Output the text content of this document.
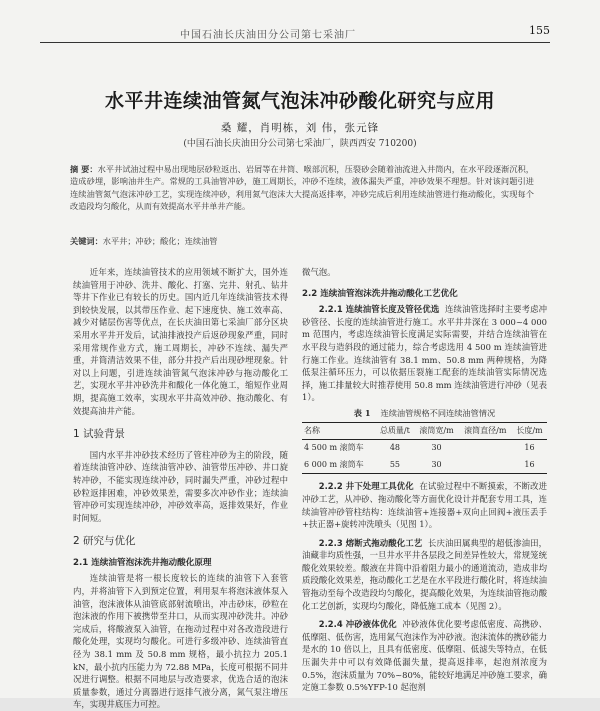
中国石油长庆油田分公司第七采油厂	155
水平井连续油管氮气泡沫冲砂酸化研究与应用
桑 耀，肖明栋，刘 伟，张元锋
(中国石油长庆油田分公司第七采油厂，陕西西安 710200)
摘 要：水平井试油过程中易出现地层砂粒返出、岩屑等在井筒、喉部沉积，压裂砂会随着油流进入井筒内，在水平段逐渐沉积，造成砂埋，影响油井生产。常规的工具油管冲砂，施工周期长，冲砂不连续，液体漏失严重，冲砂效果不理想。针对该问题引进连续油管氮气泡沫冲砂工艺，实现连续冲砂，利用氮气泡沫大大提高返排率，冲砂完成后利用连续油管进行拖动酸化，实现每个改造段均匀酸化，从而有效提高水平井单井产能。
关键词：水平井；冲砂；酸化；连续油管

近年来，连续油管技术的应用领域不断扩大，国外连续油管用于冲砂、洗井、酸化、打塞、完井、射孔、钻井等井下作业已有较长的历史。国内近几年连续油管技术得到较快发展，以其带压作业、起下速度快、施工效率高、减少对储层伤害等优点，在长庆油田第七采油厂部分区块采用水平井开发后，试油排液投产后返砂现象严重，同时采用常规作业方式，施工周期长，冲砂不连续、漏失严重，并筒清洁效果不佳，部分井投产后出现砂埋现象。针对以上问题，引进连续油管氮气泡沫冲砂与拖动酸化工艺，实现水平井冲砂洗井和酸化一体化施工，缩短作业周期，提高施工效率，实现水平井高效冲砂、拖动酸化、有效提高油井产能。

1 试验背景

国内水平井冲砂技术经历了管柱冲砂为主的阶段，随着连续油管冲砂、连续油管冲砂、油管带压冲砂、井口旋转冲砂，不能实现连续冲砂，同时漏失严重，冲砂过程中砂粒返排困难，冲砂效果差，需要多次冲砂作业；连续油管冲砂可实现连续冲砂，冲砂效率高，返排效果好，作业时间短。

2 研究与优化
2.1 连续油管泡沫洗井拖动酸化原理

连续油管是将一根长度较长的连续的油管下入套管内，并将油管下入到预定位置，利用泵车将泡沫液体泵入油管，泡沫液体从油管底部射流喷出，冲击砂床，砂粒在泡沫液的作用下被携带至井口，从而实现冲砂洗井。冲砂完成后，将酸液泵入油管，在拖动过程中对各改造段进行酸化处理，实现均匀酸化。可进行多级冲砂、连续油管直径为 38.1 mm 及 50.8 mm 规格，最小抗拉力 205.1 kN，最小抗内压能力为 72.88 MPa，长度可根据不同井况进行调整。根据不同地层与改造要求，优选合适的泡沫质量参数，通过分离器进行返排气液分离，氮气泵注增压车，实现井底压力可控。

微气泡。

2.2 连续油管泡沫洗井拖动酸化工艺优化

2.2.1 连续油管长度及管径优选 连续油管选择时主要考虑冲砂管径、长度的连续油管进行施工。水平井井深在 3 000~4 000 m 范围内，考虑连续油管长度满足实际需要，并结合连续油管在水平段与造斜段的通过能力，综合考虑选用 4 500 m 连续油管进行施工作业。连续油管有 38.1 mm、50.8 mm 两种规格，为降低泵注循环压力，可以依据压裂施工配套的连续油管实际情况选择，施工排量较大时推荐使用 50.8 mm 连续油管进行冲砂（见表 1）。

表 1 连续油管规格不同连续油管情况
名称	总质量/t	滚筒宽/m	滚筒直径/m	长度/m
4 500 m 滚筒车	48	30		16
6 000 m 滚筒车	55	30		16

2.2.2 井下处理工具优化 在试验过程中不断摸索，不断改进冲砂工艺，从冲砂、拖动酸化等方面优化设计并配套专用工具，连续油管冲砂管柱结构：连续油管+连接器+双向止回阀+液压丢手+扶正器+旋转冲洗喷头（见图 1）。

2.2.3 熔断式拖动酸化工艺 长庆油田属典型的超低渗油田，油藏非均质性强，一旦井水平井各层段之间差异性较大，常规笼统酸化效果较差。酸液在井筒中沿着阻力最小的通道流动，造成非均质段酸化效果差，拖动酸化工艺是在水平段进行酸化时，将连续油管拖动至每个改造段均匀酸化，提高酸化效果，为连续油管拖动酸化工艺创新，实现均匀酸化，降低施工成本（见图 2）。

2.2.4 冲砂液体优化 冲砂液体优化要考虑低密度、高携砂、低摩阻、低伤害，选用氮气泡沫作为冲砂液。泡沫流体的携砂能力是水的 10 倍以上，且具有低密度、低摩阻、低滤失等特点，在低压漏失井中可以有效降低漏失量，提高返排率，起泡剂浓度为 0.5%，泡沫质量为 70%~80%，能较好地满足冲砂施工要求，确定施工参数 0.5%YFP-10 起泡剂
